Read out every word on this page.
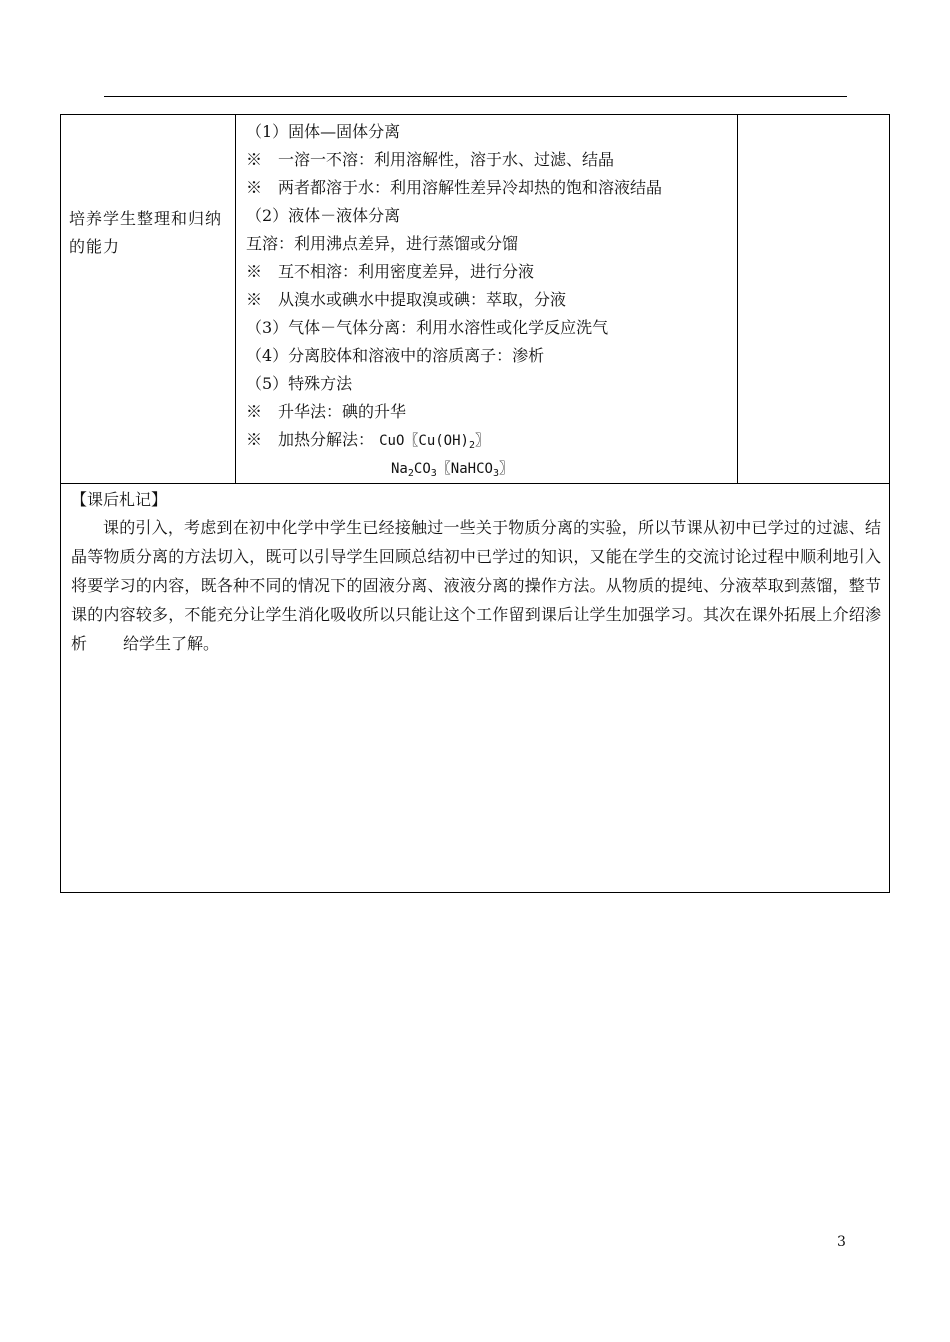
培养学生整理和归纳的能力
（1）固体—固体分离
※　一溶一不溶：利用溶解性，溶于水、过滤、结晶
※　两者都溶于水：利用溶解性差异冷却热的饱和溶液结晶
（2）液体－液体分离
互溶：利用沸点差异，进行蒸馏或分馏
※　互不相溶：利用密度差异，进行分液
※　从溴水或碘水中提取溴或碘：萃取，分液
（3）气体－气体分离：利用水溶性或化学反应洗气
（4）分离胶体和溶液中的溶质离子：渗析
（5）特殊方法
※　升华法：碘的升华
※　加热分解法： CuO〖$Cu(OH)_2$〗
$Na_2CO_3$〖NaHCO$_3$〗
【课后札记】
课的引入，考虑到在初中化学中学生已经接触过一些关于物质分离的实验，所以节课从初中已学过的过滤、结晶等物质分离的方法切入，既可以引导学生回顾总结初中已学过的知识，又能在学生的交流讨论过程中顺利地引入将要学习的内容，既各种不同的情况下的固液分离、液液分离的操作方法。从物质的提纯、分液萃取到蒸馏，整节课的内容较多，不能充分让学生消化吸收所以只能让这个工作留到课后让学生加强学习。其次在课外拓展上介绍渗析 给学生了解。
3
